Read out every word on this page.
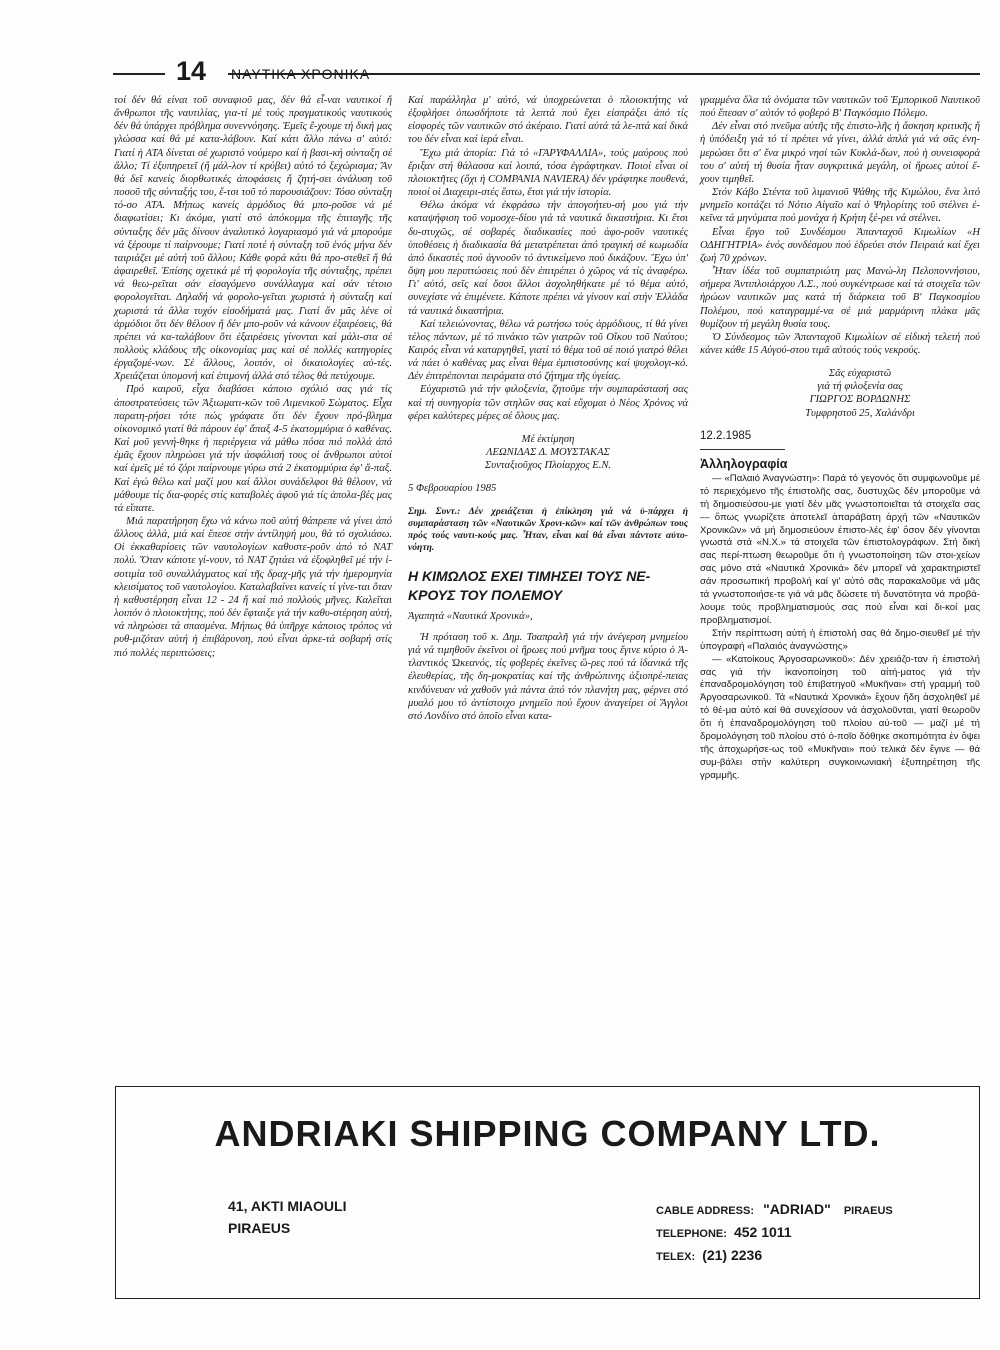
14 ΝΑΥΤΙΚΑ ΧΡΟΝΙΚΑ

τοί δέν θά είναι τοῦ συναφιοῦ μας, δέν θά εἶ-ναι ναυτικοί ἤ ἄνθρωποι τῆς ναυτιλίας, για-τί μέ τούς πραγματικούς ναυτικούς δέν θά ὑπάρχει πρόβλημα συνεννόησης. Ἐμεῖς ἔ-χουμε τή δική μας γλώσσα καί θά μέ κατα-λάβουν. Καί κάτι ἄλλο πάνω σ' αὐτό: Γιατί ἡ ΑΤΑ δίνεται σέ χωριστό νούμερο καί ἡ βασι-κή σύνταξη σέ ἄλλο; Τί ἐξυπηρετεῖ (ἤ μάλ-λον τί κρύβει) αὐτό τό ξεχώρισμα; Ἄν θά δεῖ κανείς διορθωτικές ἀποφάσεις ἤ ζητή-σει ἀνάλυση τοῦ ποσοῦ τῆς σύνταξής του, ἔ-τσι τοῦ τό παρουσιάζουν: Τόσο σύνταξη τό-σο ΑΤΑ. Μήπως κανείς ἁρμόδιος θά μπο-ροῦσε νά μέ διαφωτίσει; Κι ἀκόμα, γιατί στό ἀπόκομμα τῆς ἐπιταγῆς τῆς σύνταξης δέν μᾶς δίνουν ἀναλυτικό λογαριασμό γιά νά μπορούμε νά ξέρουμε τί παίρνουμε; Γιατί ποτέ ἡ σύνταξη τοῦ ἑνός μήνα δέν ταιριάζει μέ αὐτή τοῦ ἄλλου; Κάθε φορά κάτι θά προ-στεθεῖ ἤ θά ἀφαιρεθεῖ. Ἐπίσης σχετικά μέ τή φορολογία τῆς σύνταξης, πρέπει νά θεω-ρεῖται σάν εἰσαγόμενο συνάλλαγμα καί σάν τέτοιο φορολογεῖται. Δηλαδή νά φορολο-γεῖται χωριστά ἡ σύνταξη καί χωριστά τά ἄλλα τυχόν εἰσοδήματά μας. Γιατί ἄν μᾶς λένε οἱ ἁρμόδιοι ὅτι δέν θέλουν ἤ δέν μπο-ροῦν νά κάνουν ἐξαιρέσεις, θά πρέπει νά κα-ταλάβουν ὅτι ἐξαιρέσεις γίνονται καί μάλι-στα σέ πολλούς κλάδους τῆς οἰκονομίας μας καί σέ πολλές κατηγορίες ἐργαζομέ-νων. Σέ ἄλλους, λοιπόν, οἱ δικαιολογίες αὐ-τές. Χρειάζεται ὑπομονή καί ἐπιμονή ἀλλά στό τέλος θά πετύχουμε.

Πρό καιροῦ, εἶχα διαβάσει κάποιο σχόλιό σας γιά τίς ἀποστρατεύσεις τῶν Ἀξιωματι-κῶν τοῦ Λιμενικοῦ Σώματος. Εἶχα παρατη-ρήσει τότε πώς γράφατε ὅτι δέν ἔχουν πρό-βλημα οἰκονομικό γιατί θά πάρουν ἐφ' ἅπαξ 4-5 ἑκατομμύρια ὁ καθένας. Καί μοῦ γεννή-θηκε ἡ περιέργεια νά μάθω πόσα πιό πολλά ἀπό ἐμᾶς ἔχουν πληρώσει γιά τήν ἀσφάλισή τους οἱ ἄνθρωποι αὐτοί καί ἐμεῖς μέ τό ζόρι παίρνουμε γύρω στά 2 ἑκατομμύρια ἐφ' ἅ-παξ. Καί ἐγώ θέλω καί μαζί μου καί ἄλλοι συνάδελφοι θά θέλουν, νά μάθουμε τίς δια-φορές στίς καταβολές ἀφοῦ γιά τίς ἀπολα-βές μας τά εἴπατε.

Μιά παρατήρηση ἔχω νά κάνω ποῦ αὐτή θάπρεπε νά γίνει ἀπό ἄλλους ἀλλά, μιά καί ἔπεσε στήν ἀντίληψή μου, θά τό σχολιάσω. Οἱ ἐκκαθαρίσεις τῶν ναυτολογίων καθυστε-ροῦν ἀπό τό ΝΑΤ πολύ. Ὅταν κάποτε γί-νουν, τό ΝΑΤ ζητάει νά ἐξοφληθεῖ μέ τήν ἰ-σοτιμία τοῦ συναλλάγματος καί τῆς δραχ-μῆς γιά τήν ἡμερομηνία κλεισίματος τοῦ ναυτολογίου. Καταλαβαίνει κανείς τί γίνε-ται ὅταν ἡ καθυστέρηση εἶναι 12 - 24 ἤ καί πιό πολλούς μῆνες. Καλεῖται λοιπόν ὁ πλοιοκτήτης, πού δέν ἔφταιξε γιά τήν καθυ-στέρηση αὐτή, νά πληρώσει τά σπασμένα. Μήπως θά ὑπῆρχε κάποιος τρόπος νά ρυθ-μιζόταν αὐτή ἡ ἐπιβάρυνση, πού εἶναι ἀρκε-τά σοβαρή στίς πιό πολλές περιπτώσεις;

Καί παράλληλα μ' αὐτό, νά ὑποχρεώνεται ὁ πλοιοκτήτης νά ἐξοφλήσει ὁπωσδήποτε τά λεπτά πού ἔχει εἰσπράξει ἀπό τίς εἰσφορές τῶν ναυτικῶν στό ἀκέραιο. Γιατί αὐτά τά λε-πτά καί δικά του δέν εἶναι καί ἱερά εἶναι.

Ἔχω μιά ἀπορία: Γιά τό «ΓΑΡΥΦΑΛΛΙΑ», τούς μαύρους πού ἔριξαν στή θάλασσα καί λοιπά, τόσα ἐγράφτηκαν. Ποιοί εἶναι οἱ πλοιοκτῆτες (ὄχι ἡ COMPANIA NAVIERA) δέν γράφτηκε πουθενά, ποιοί οἱ Διαχειρι-στές ἔστω, ἔτσι γιά τήν ἱστορία.

Θέλω ἀκόμα νά ἐκφράσω τήν ἀπογοήτευ-σή μου γιά τήν καταψήφιση τοῦ νομοσχε-δίου γιά τά ναυτικά δικαστήρια. Κι ἔτσι δυ-στυχῶς, σέ σοβαρές διαδικασίες πού ἀφο-ροῦν ναυτικές ὑποθέσεις ἡ διαδικασία θά μετατρέπεται ἀπό τραγική σέ κωμωδία ἀπό δικαστές πού ἀγνοοῦν τό ἀντικείμενο πού δικάζουν. Ἔχω ὑπ' ὄψη μου περιπτώσεις πού δέν ἐπιτρέπει ὁ χῶρος νά τίς ἀναφέρω. Γι' αὐτό, σεῖς καί ὅσοι ἄλλοι ἀσχοληθήκατε μέ τό θέμα αὐτό, συνεχίστε νά ἐπιμένετε. Κάποτε πρέπει νά γίνουν καί στήν Ἑλλάδα τά ναυτικά δικαστήρια.

Καί τελειώνοντας, θέλω νά ρωτήσω τούς ἁρμόδιους, τί θά γίνει τέλος πάντων, μέ τό πινάκιο τῶν γιατρῶν τοῦ Οἴκου τοῦ Ναύτου; Καιρός εἶναι νά καταργηθεῖ, γιατί τό θέμα τοῦ σέ ποιό γιατρό θέλει νά πάει ὁ καθένας μας εἶναι θέμα ἐμπιστοσύνης καί ψυχολογι-κό. Δέν ἐπιτρέπονται πειράματα στό ζήτημα τῆς ὑγείας.

Εὐχαριστῶ γιά τήν φιλοξενία, ζητοῦμε τήν συμπαράστασή σας καί τή συνηγορία τῶν στηλῶν σας καί εὔχομαι ὁ Νέος Χρόνος νά φέρει καλύτερες μέρες σέ ὅλους μας.

Μέ ἐκτίμηση

ΛΕΩΝΙΔΑΣ Δ. ΜΟΥΣΤΑΚΑΣ

Συνταξιοῦχος Πλοίαρχος Ε.Ν.

5 Φεβρουαρίου 1985

Σημ. Συντ.: Δέν χρειάζεται ἡ ἐπίκληση γιά νά ὑ-πάρχει ἡ συμπαράσταση τῶν «Ναυτικῶν Χρονι-κῶν» καί τῶν ἀνθρώπων τους πρός τούς ναυτι-κούς μας. Ἦταν, εἶναι καί θά εἶναι πάντοτε αὐτο-νόητη.

Η ΚΙΜΩΛΟΣ ΕΧΕΙ ΤΙΜΗΣΕΙ ΤΟΥΣ ΝΕ-ΚΡΟΥΣ ΤΟΥ ΠΟΛΕΜΟΥ

Ἀγαπητά «Ναυτικά Χρονικά»,

Ἡ πρόταση τοῦ κ. Δημ. Τσαπραλῆ γιά τήν ἀνέγερση μνημείου γιά νά τιμηθοῦν ἐκεῖνοι οἱ ἥρωες πού μνῆμα τους ἔγινε κύριο ὁ Ἀ-τλαντικός Ὠκεανός, τίς φοβερές ἐκεῖνες ὥ-ρες πού τά ἰδανικά τῆς ἐλευθερίας, τῆς δη-μοκρατίας καί τῆς ἀνθρώπινης ἀξιοπρέ-πειας κινδύνευαν νά χαθοῦν γιά πάντα ἀπό τόν πλανήτη μας, φέρνει στό μυαλό μου τό ἀντίστοιχο μνημεῖο πού ἔχουν ἀναγείρει οἱ Ἄγγλοι στό Λονδίνο στό ὁποῖο εἶναι κατα-

γραμμένα ὅλα τά ὀνόματα τῶν ναυτικῶν τοῦ Ἐμπορικοῦ Ναυτικοῦ πού ἔπεσαν σ' αὐτόν τό φοβερό Β' Παγκόσμιο Πόλεμο.

Δέν εἶναι στό πνεῦμα αὐτῆς τῆς ἐπιστο-λῆς ἡ ἄσκηση κριτικῆς ἤ ἡ ὑπόδειξη γιά τό τί πρέπει νά γίνει, ἀλλά ἁπλά γιά νά σᾶς ἐνη-μερώσει ὅτι σ' ἕνα μικρό νησί τῶν Κυκλά-δων, πού ἡ συνεισφορά του σ' αὐτή τή θυσία ἦταν συγκριτικά μεγάλη, οἱ ἥρωες αὐτοί ἔ-χουν τιμηθεῖ.

Στόν Κάβο Στέντα τοῦ λιμανιοῦ Ψάθης τῆς Κιμώλου, ἕνα λιτό μνημεῖο κοιτάζει τό Νότιο Αἰγαῖο καί ὁ Ψηλορίτης τοῦ στέλνει ἐ-κεῖνα τά μηνύματα πού μονάχα ἡ Κρήτη ξέ-ρει νά στέλνει.

Εἶναι ἔργο τοῦ Συνδέσμου Ἀπανταχοῦ Κιμωλίων «Η ΟΔΗΓΗΤΡΙΑ» ἑνός συνδέσμου πού ἑδρεύει στόν Πειραιά καί ἔχει ζωή 70 χρόνων.

Ἦταν ἰδέα τοῦ συμπατριώτη μας Μανώ-λη Πελοποννήσιου, σήμερα Ἀντιπλοιάρχου Λ.Σ., πού συγκέντρωσε καί τά στοιχεῖα τῶν ἡρώων ναυτικῶν μας κατά τή διάρκεια τοῦ Β' Παγκοσμίου Πολέμου, πού καταγραμμέ-να σέ μιά μαρμάρινη πλάκα μᾶς θυμίζουν τή μεγάλη θυσία τους.

Ὁ Σύνδεσμος τῶν Ἀπανταχοῦ Κιμωλίων σέ εἰδική τελετή πού κάνει κάθε 15 Αὐγού-στου τιμᾶ αὐτούς τούς νεκρούς.

Σᾶς εὐχαριστῶ

γιά τή φιλοξενία σας

ΓΙΩΡΓΟΣ ΒΟΡΔΩΝΗΣ

Τυμφρηστοῦ 25, Χαλάνδρι

12.2.1985

Ἀλληλογραφία

— «Παλαιό Ἀναγνώστη»: Παρά τό γεγονός ὅτι συμφωνοῦμε μέ τό περιεχόμενο τῆς ἐπιστολῆς σας, δυστυχῶς δέν μποροῦμε νά τή δημοσιεύσου-με γιατί δέν μᾶς γνωστοποιεῖται τά στοιχεῖα σας — ὅπως γνωρίζετε ἀποτελεῖ ἀπαράβατη ἀρχή τῶν «Ναυτικῶν Χρονικῶν» νά μή δημοσιεύουν ἐπιστο-λές ἐφ' ὅσον δέν γίνονται γνωστά στά «Ν.Χ.» τά στοιχεῖα τῶν ἐπιστολογράφων. Στή δική σας περί-πτωση θεωροῦμε ὅτι ἡ γνωστοποίηση τῶν στοι-χείων σας μόνο στά «Ναυτικά Χρονικά» δέν μπορεῖ νά χαρακτηριστεῖ σάν προσωπική προβολή καί γι' αὐτό σᾶς παρακαλοῦμε νά μᾶς τά γνωστοποιήσε-τε γιά νά μᾶς δώσετε τή δυνατότητα νά προβά-λουμε τούς προβληματισμούς σας πού εἶναι καί δι-κοί μας προβληματισμοί.

Στήν περίπτωση αὐτή ἡ ἐπιστολή σας θά δημο-σιευθεῖ μέ τήν ὑπογραφή «Παλαιός ἀναγνώστης»

— «Κατοίκους Ἀργοσαρωνικοῦ»: Δέν χρειάζο-ταν ἡ ἐπιστολή σας γιά τήν ἱκανοποίηση τοῦ αἰτή-ματος γιά τήν ἐπαναδρομολόγηση τοῦ ἐπιβατηγοῦ «Μυκῆναι» στή γραμμή τοῦ Ἀργοσαρωνικοῦ. Τά «Ναυτικά Χρονικά» ἔχουν ἤδη ἀσχοληθεῖ μέ τό θέ-μα αὐτό καί θά συνεχίσουν νά ἀσχολοῦνται, γιατί θεωροῦν ὅτι ἡ ἐπαναδρομολόγηση τοῦ πλοίου αὐ-τοῦ — μαζί μέ τή δρομολόγηση τοῦ πλοίου στό ὁ-ποῖο δόθηκε σκοπιμότητα ἐν ὄψει τῆς ἀποχωρήσε-ως τοῦ «Μυκῆναι» πού τελικά δέν ἔγινε — θά συμ-βάλει στήν καλύτερη συγκοινωνιακή ἐξυπηρέτηση τῆς γραμμῆς.

ANDRIAKI SHIPPING COMPANY LTD.
41, AKTI MIAOULI
PIRAEUS
CABLE ADDRESS: "ADRIAD" PIRAEUS
TELEPHONE: 452 1011
TELEX: (21) 2236
